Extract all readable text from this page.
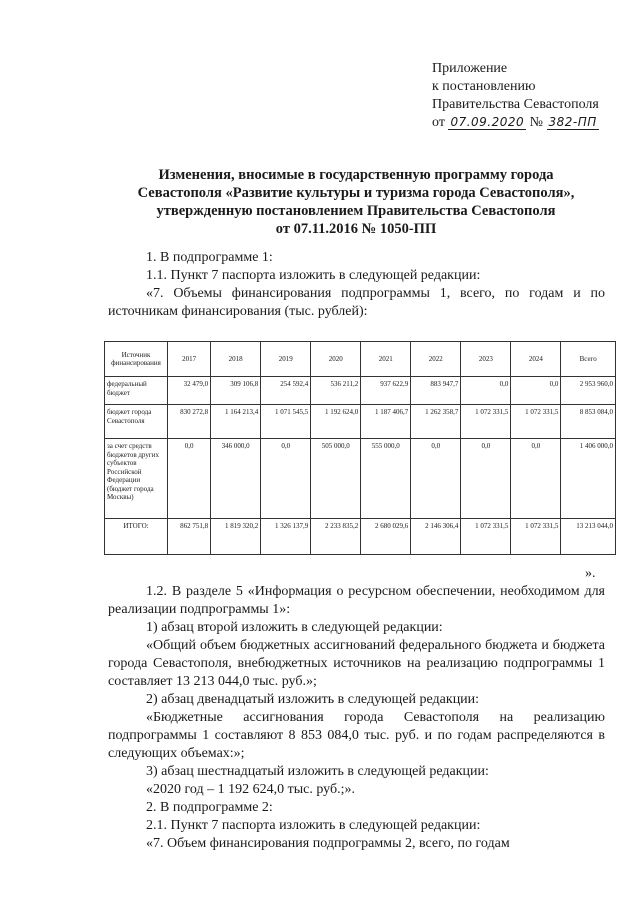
Приложение
к постановлению
Правительства Севастополя
от 07.09.2020 № 382-ПП
Изменения, вносимые в государственную программу города
Севастополя «Развитие культуры и туризма города Севастополя»,
утвержденную постановлением Правительства Севастополя
от 07.11.2016 № 1050-ПП
1. В подпрограмме 1:
1.1. Пункт 7 паспорта изложить в следующей редакции:
«7. Объемы финансирования подпрограммы 1, всего, по годам и по источникам финансирования (тыс. рублей):
Источник финансирования	2017	2018	2019	2020	2021	2022	2023	2024	Всего
федеральный бюджет	32 479,0	309 106,8	254 592,4	536 211,2	937 622,9	883 947,7	0,0	0,0	2 953 960,0
бюджет города Севастополя	830 272,8	1 164 213,4	1 071 545,5	1 192 624,0	1 187 406,7	1 262 358,7	1 072 331,5	1 072 331,5	8 853 084,0
за счет средств бюджетов других субъектов Российской Федерации (бюджет города Москвы)	0,0	346 000,0	0,0	505 000,0	555 000,0	0,0	0,0	0,0	1 406 000,0
ИТОГО:	862 751,8	1 819 320,2	1 326 137,9	2 233 835,2	2 680 029,6	2 146 306,4	1 072 331,5	1 072 331,5	13 213 044,0
».
1.2. В разделе 5 «Информация о ресурсном обеспечении, необходимом для реализации подпрограммы 1»:
1) абзац второй изложить в следующей редакции:
«Общий объем бюджетных ассигнований федерального бюджета и бюджета города Севастополя, внебюджетных источников на реализацию подпрограммы 1 составляет 13 213 044,0 тыс. руб.»;
2) абзац двенадцатый изложить в следующей редакции:
«Бюджетные ассигнования города Севастополя на реализацию подпрограммы 1 составляют 8 853 084,0 тыс. руб. и по годам распределяются в следующих объемах:»;
3) абзац шестнадцатый изложить в следующей редакции:
«2020 год – 1 192 624,0 тыс. руб.;».
2. В подпрограмме 2:
2.1. Пункт 7 паспорта изложить в следующей редакции:
«7. Объем финансирования подпрограммы 2, всего, по годам
